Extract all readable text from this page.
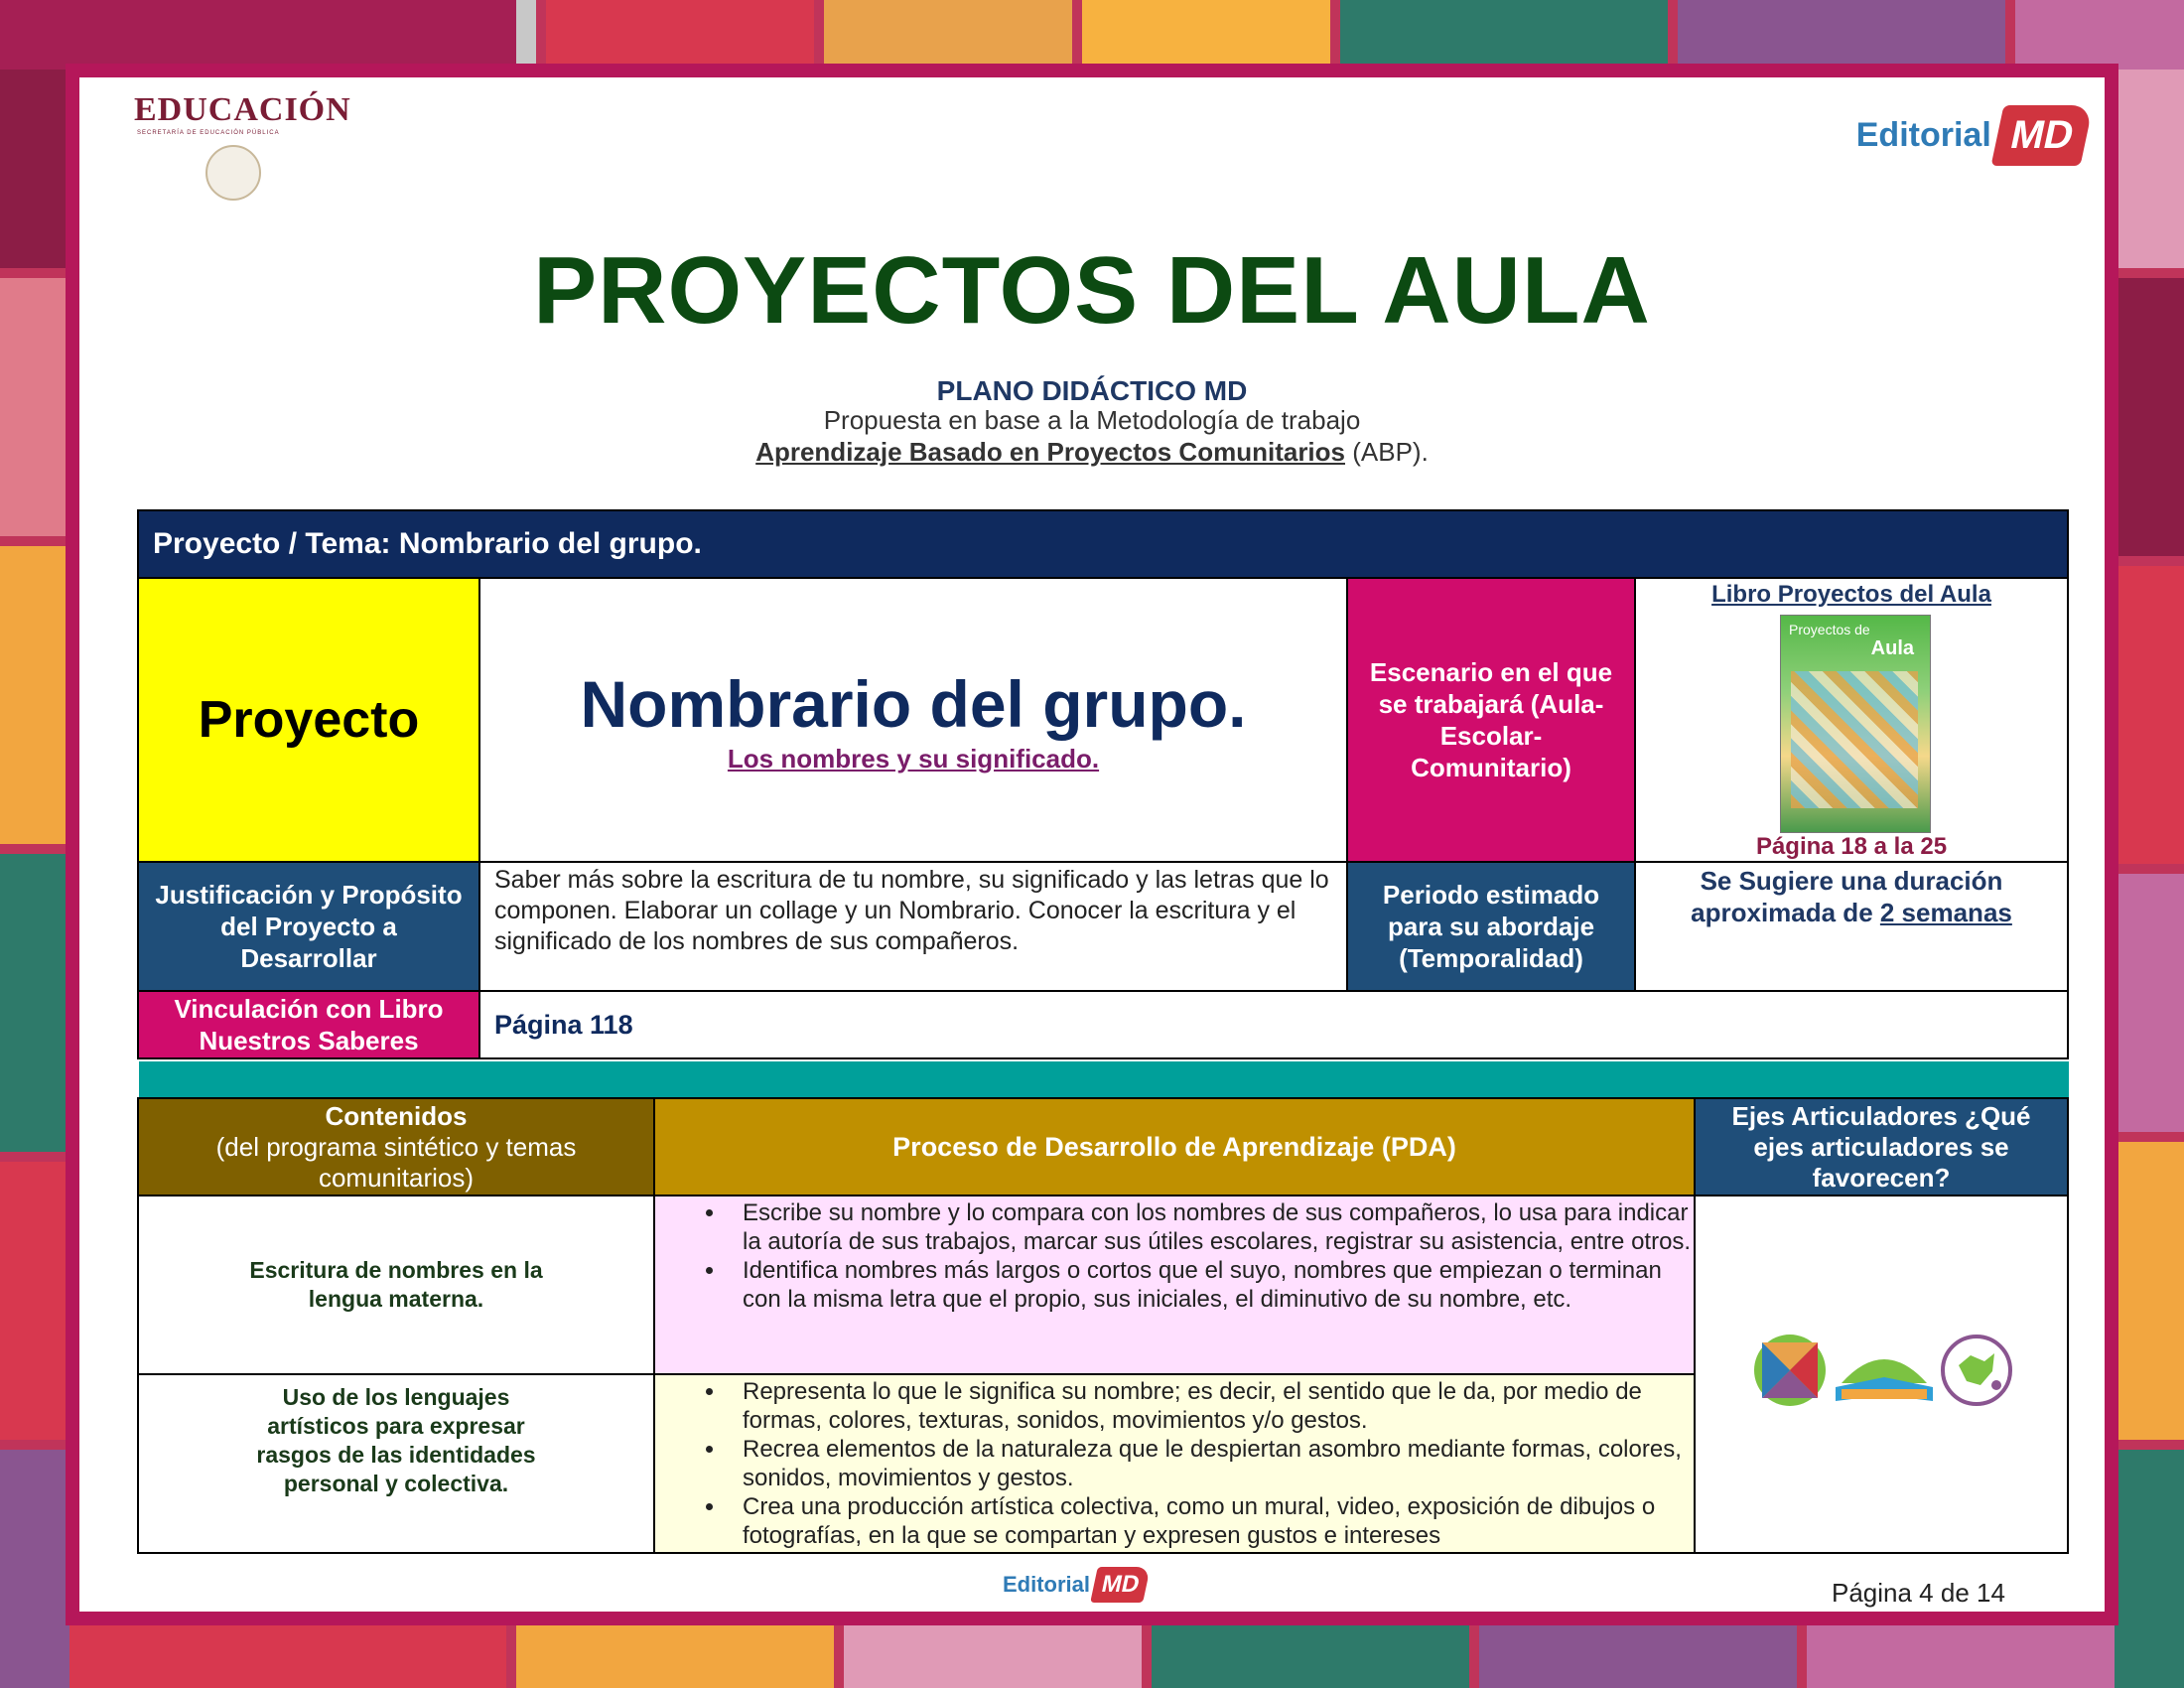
EDUCACIÓN
SECRETARÍA DE EDUCACIÓN PÚBLICA	Editorial MD
PROYECTOS DEL AULA
PLANO DIDÁCTICO MD
Propuesta en base a la Metodología de trabajo
Aprendizaje Basado en Proyectos Comunitarios (ABP).
Proyecto / Tema: Nombrario del grupo.
Proyecto Nombrario del grupo.
Los nombres y su significado.
Escenario en el que se trabajará (Aula-Escolar-Comunitario)
Libro Proyectos del Aula
Proyectos de
Aula
Página 18 a la 25
Justificación y Propósito del Proyecto a Desarrollar
Saber más sobre la escritura de tu nombre, su significado y las letras que lo componen. Elaborar un collage y un Nombrario. Conocer la escritura y el significado de los nombres de sus compañeros.
Periodo estimado para su abordaje (Temporalidad)
Se Sugiere una duración aproximada de 2 semanas
Vinculación con Libro Nuestros Saberes
Página 118
Contenidos
(del programa sintético y temas comunitarios)
Proceso de Desarrollo de Aprendizaje (PDA)
Ejes Articuladores ¿Qué ejes articuladores se favorecen?
Escritura de nombres en la lengua materna.
• Escribe su nombre y lo compara con los nombres de sus compañeros, lo usa para indicar la autoría de sus trabajos, marcar sus útiles escolares, registrar su asistencia, entre otros.
• Identifica nombres más largos o cortos que el suyo, nombres que empiezan o terminan con la misma letra que el propio, sus iniciales, el diminutivo de su nombre, etc.
Uso de los lenguajes artísticos para expresar rasgos de las identidades personal y colectiva.
• Representa lo que le significa su nombre; es decir, el sentido que le da, por medio de formas, colores, texturas, sonidos, movimientos y/o gestos.
• Recrea elementos de la naturaleza que le despiertan asombro mediante formas, colores, sonidos, movimientos y gestos.
• Crea una producción artística colectiva, como un mural, video, exposición de dibujos o fotografías, en la que se compartan y expresen gustos e intereses
Editorial MD	Página 4 de 14
